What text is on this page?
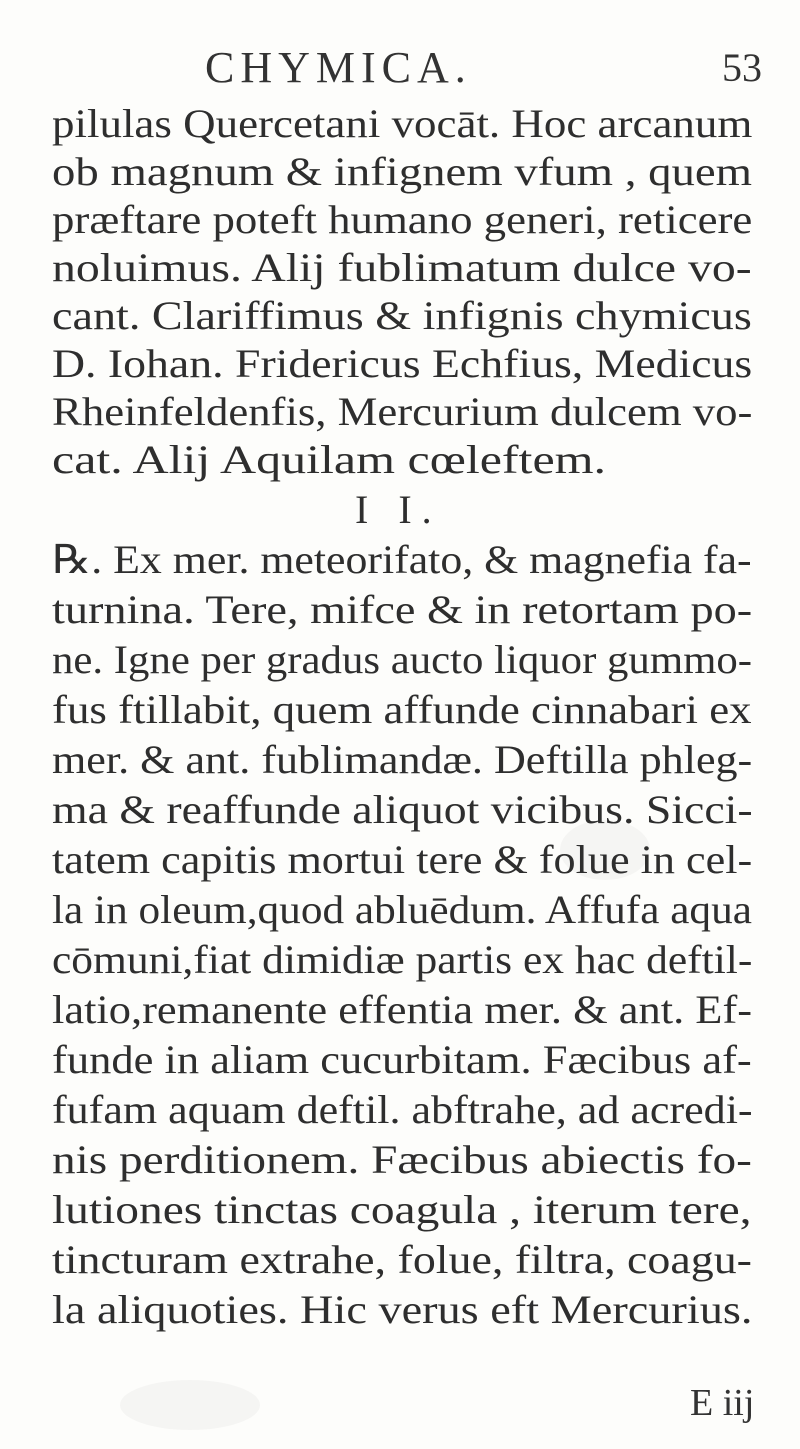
CHYMICA.	53
pilulas Quercetani vocāt. Hoc arcanum
ob magnum & infignem vfum , quem
præftare poteft humano generi, reticere
noluimus. Alij fublimatum dulce vo-
cant. Clariffimus & infignis chymicus
D. Iohan. Fridericus Echfius, Medicus
Rheinfeldenfis, Mercurium dulcem vo-
cat. Alij Aquilam cœleftem.
I I.
℞. Ex mer. meteorifato, & magnefia fa-
turnina. Tere, mifce & in retortam po-
ne. Igne per gradus aucto liquor gummo-
fus ftillabit, quem affunde cinnabari ex
mer. & ant. fublimandæ. Deftilla phleg-
ma & reaffunde aliquot vicibus. Sicci-
tatem capitis mortui tere & folue in cel-
la in oleum,quod abluēdum. Affufa aqua
cōmuni,fiat dimidiæ partis ex hac deftil-
latio,remanente effentia mer. & ant. Ef-
funde in aliam cucurbitam. Fæcibus af-
fufam aquam deftil. abftrahe, ad acredi-
nis perditionem. Fæcibus abiectis fo-
lutiones tinctas coagula , iterum tere,
tincturam extrahe, folue, filtra, coagu-
la aliquoties. Hic verus eft Mercurius.
E iij
